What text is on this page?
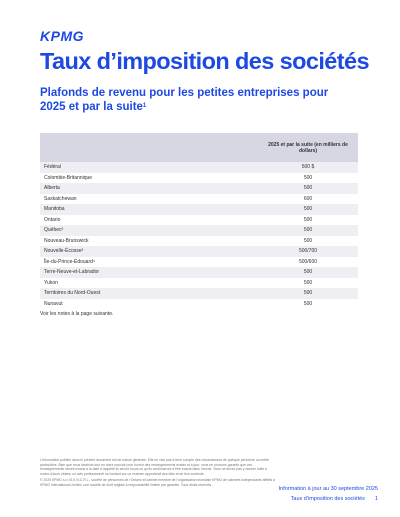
KPMG
Taux d’imposition des sociétés
Plafonds de revenu pour les petites entreprises pour 2025 et par la suite$^1$
	2025 et par la suite (en milliers de dollars)
Fédéral	500 $
Colombie-Britannique	500
Alberta	500
Saskatchewan	600
Manitoba	500
Ontario	500
Québec²	500
Nouveau-Brunswick	500
Nouvelle-Écosse³	500/700
Île-du-Prince-Édouard⁴	500/600
Terre-Neuve-et-Labrador	500
Yukon	500
Territoires du Nord-Ouest	500
Nunavut	500
Voir les notes à la page suivante.

L’information publiée dans le présent document est de nature générale. Elle ne vise pas à tenir compte des circonstances de quelque personne ou entité particulière. Bien que nous fassions tout en notre pouvoir pour fournir des renseignements exacts et à jour, nous ne pouvons garantir que ces renseignements seront exacts à la date à laquelle ils seront reçus ou qu’ils continueront d’être exacts dans l’avenir. Vous ne devez pas y donner suite à moins d’avoir obtenu un avis professionnel se fondant sur un examen approfondi des faits et de leur contexte.

© 2025 KPMG s.r.l./S.E.N.C.R.L., société de personnes de l’Ontario et cabinet membre de l’organisation mondiale KPMG de cabinets indépendants affiliés à KPMG International Limited, une société de droit anglais à responsabilité limitée par garantie. Tous droits réservés.

Information à jour au 30 septembre 2025
Taux d’imposition des sociétés 1
